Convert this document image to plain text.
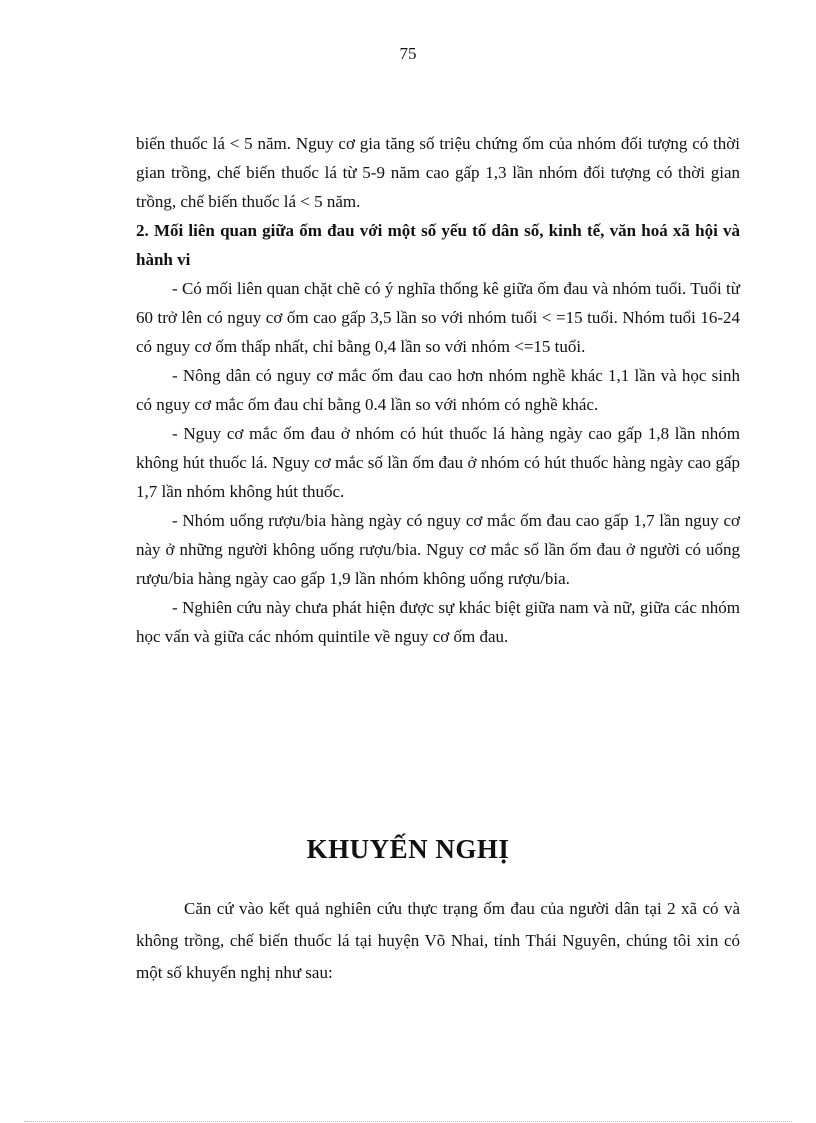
75

biến thuốc lá < 5 năm. Nguy cơ gia tăng số triệu chứng ốm của nhóm đối tượng có thời gian trồng, chế biến thuốc lá từ 5-9 năm cao gấp 1,3 lần nhóm đối tượng có thời gian trồng, chế biến thuốc lá < 5 năm.

2. Mối liên quan giữa ốm đau với một số yếu tố dân số, kinh tế, văn hoá xã hội và hành vi

- Có mối liên quan chặt chẽ có ý nghĩa thống kê giữa ốm đau và nhóm tuổi. Tuổi từ 60 trở lên có nguy cơ ốm cao gấp 3,5 lần so với nhóm tuổi < =15 tuổi. Nhóm tuổi 16-24 có nguy cơ ốm thấp nhất, chỉ bằng 0,4 lần so với nhóm <=15 tuổi.

- Nông dân có nguy cơ mắc ốm đau cao hơn nhóm nghề khác 1,1 lần và học sinh có nguy cơ mắc ốm đau chỉ bằng 0.4 lần so với nhóm có nghề khác.

- Nguy cơ mắc ốm đau ở nhóm có hút thuốc lá hàng ngày cao gấp 1,8 lần nhóm không hút thuốc lá. Nguy cơ mắc số lần ốm đau ở nhóm có hút thuốc hàng ngày cao gấp 1,7 lần nhóm không hút thuốc.

- Nhóm uống rượu/bia hàng ngày có nguy cơ mắc ốm đau cao gấp 1,7 lần nguy cơ này ở những người không uống rượu/bia. Nguy cơ mắc số lần ốm đau ở người có uống rượu/bia hàng ngày cao gấp 1,9 lần nhóm không uống rượu/bia.

- Nghiên cứu này chưa phát hiện được sự khác biệt giữa nam và nữ, giữa các nhóm học vấn và giữa các nhóm quintile về nguy cơ ốm đau.

KHUYẾN NGHỊ

Căn cứ vào kết quả nghiên cứu thực trạng ốm đau của người dân tại 2 xã có và không trồng, chế biến thuốc lá tại huyện Võ Nhai, tỉnh Thái Nguyên, chúng tôi xin có một số khuyến nghị như sau:
